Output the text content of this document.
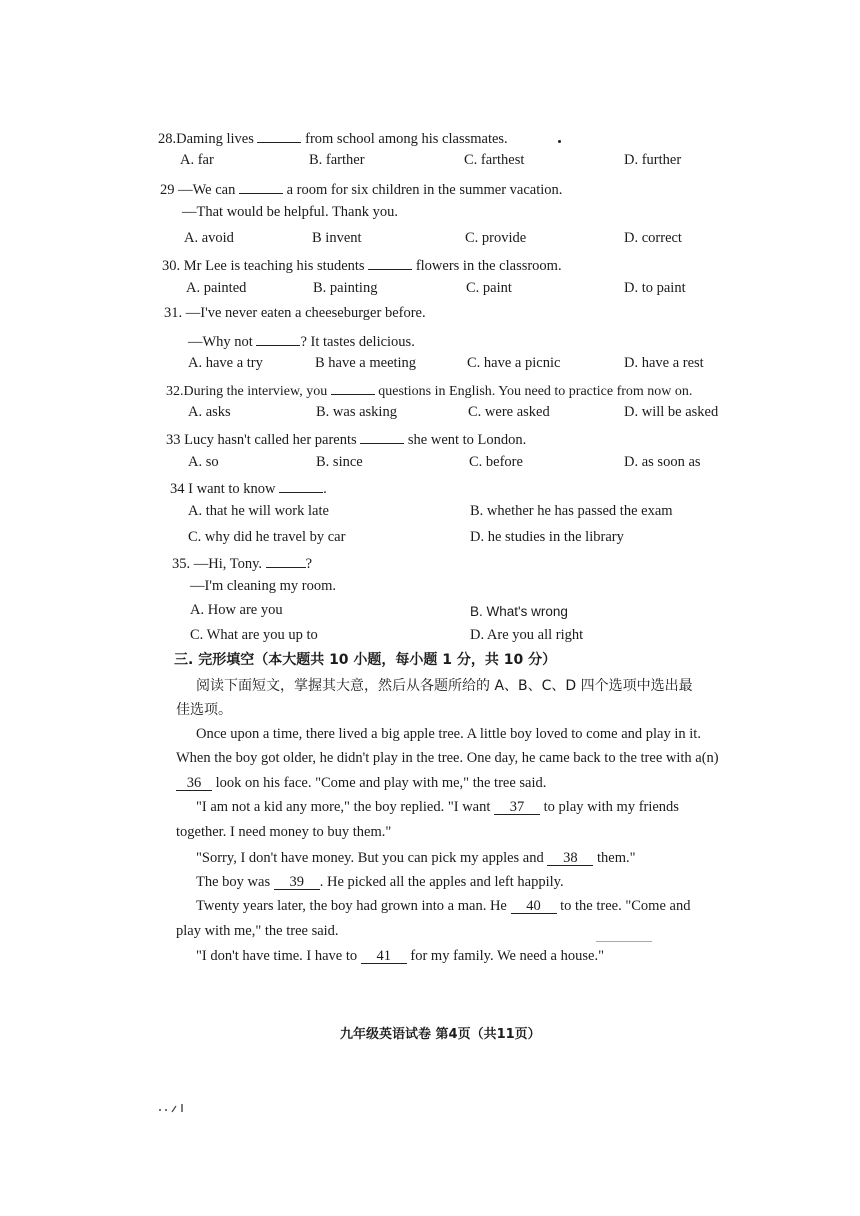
28.Daming lives	from school among his classmates.
A. far	B. farther	C. farthest	D. further
29 —We can	a room for six children in the summer vacation.
—That would be helpful. Thank you.
A. avoid	B invent	C. provide	D. correct
30. Mr Lee is teaching his students	flowers in the classroom.
A. painted	B. painting	C. paint	D. to paint
31. —I've never eaten a cheeseburger before.
—Why not	? It tastes delicious.
A. have a try	B have a meeting	C. have a picnic	D. have a rest
32.During the interview, you	questions in English. You need to practice from now on.
A. asks	B. was asking	C. were asked	D. will be asked
33 Lucy hasn't called her parents	she went to London.
A. so	B. since	C. before	D. as soon as
34 I want to know	.
A. that he will work late	B. whether he has passed the exam
C. why did he travel by car	D. he studies in the library
35. —Hi, Tony.	?
—I'm cleaning my room.
A. How are you	B. What's wrong
C. What are you up to	D. Are you all right
三. 完形填空（本大题共 10 小题，每小题 1 分，共 10 分）
阅读下面短文，掌握其大意，然后从各题所给的 A、B、C、D 四个选项中选出最
佳选项。
Once upon a time, there lived a big apple tree. A little boy loved to come and play in it.
When the boy got older, he didn't play in the tree. One day, he came back to the tree with a(n)
36 look on his face. "Come and play with me," the tree said.
"I am not a kid any more," the boy replied. "I want 37 to play with my friends
together. I need money to buy them."
"Sorry, I don't have money. But you can pick my apples and 38 them."
The boy was 39 . He picked all the apples and left happily.
Twenty years later, the boy had grown into a man. He 40 to the tree. "Come and
play with me," the tree said.
"I don't have time. I have to 41 for my family. We need a house."
九年级英语试卷 第4页（共11页）
